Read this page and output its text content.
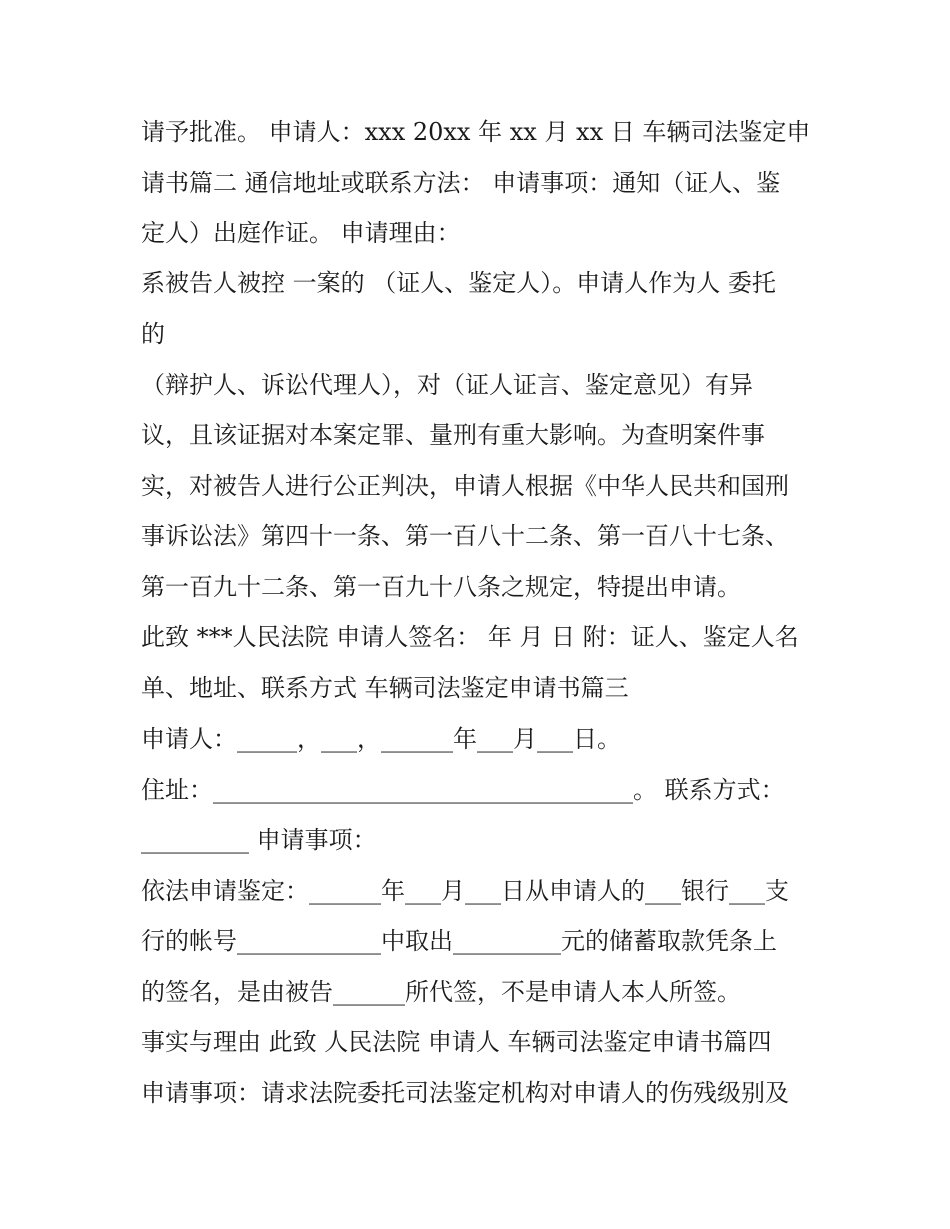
请予批准。 申请人：xxx 20xx 年 xx 月 xx 日 车辆司法鉴定申
请书篇二 通信地址或联系方法： 申请事项：通知（证人、鉴
定人）出庭作证。 申请理由：
系被告人被控 一案的 （证人、鉴定人）。申请人作为人 委托
的
（辩护人、诉讼代理人），对（证人证言、鉴定意见）有异
议，且该证据对本案定罪、量刑有重大影响。为查明案件事
实，对被告人进行公正判决，申请人根据《中华人民共和国刑
事诉讼法》第四十一条、第一百八十二条、第一百八十七条、
第一百九十二条、第一百九十八条之规定，特提出申请。
此致 ***人民法院 申请人签名： 年 月 日 附：证人、鉴定人名
单、地址、联系方式 车辆司法鉴定申请书篇三
申请人：_____，___，______年___月___日。
住址：___________________________________。 联系方式：
_________ 申请事项：
依法申请鉴定：______年___月___日从申请人的___银行___支
行的帐号____________中取出_________元的储蓄取款凭条上
的签名，是由被告______所代签，不是申请人本人所签。
事实与理由 此致 人民法院 申请人 车辆司法鉴定申请书篇四
申请事项：请求法院委托司法鉴定机构对申请人的伤残级别及
